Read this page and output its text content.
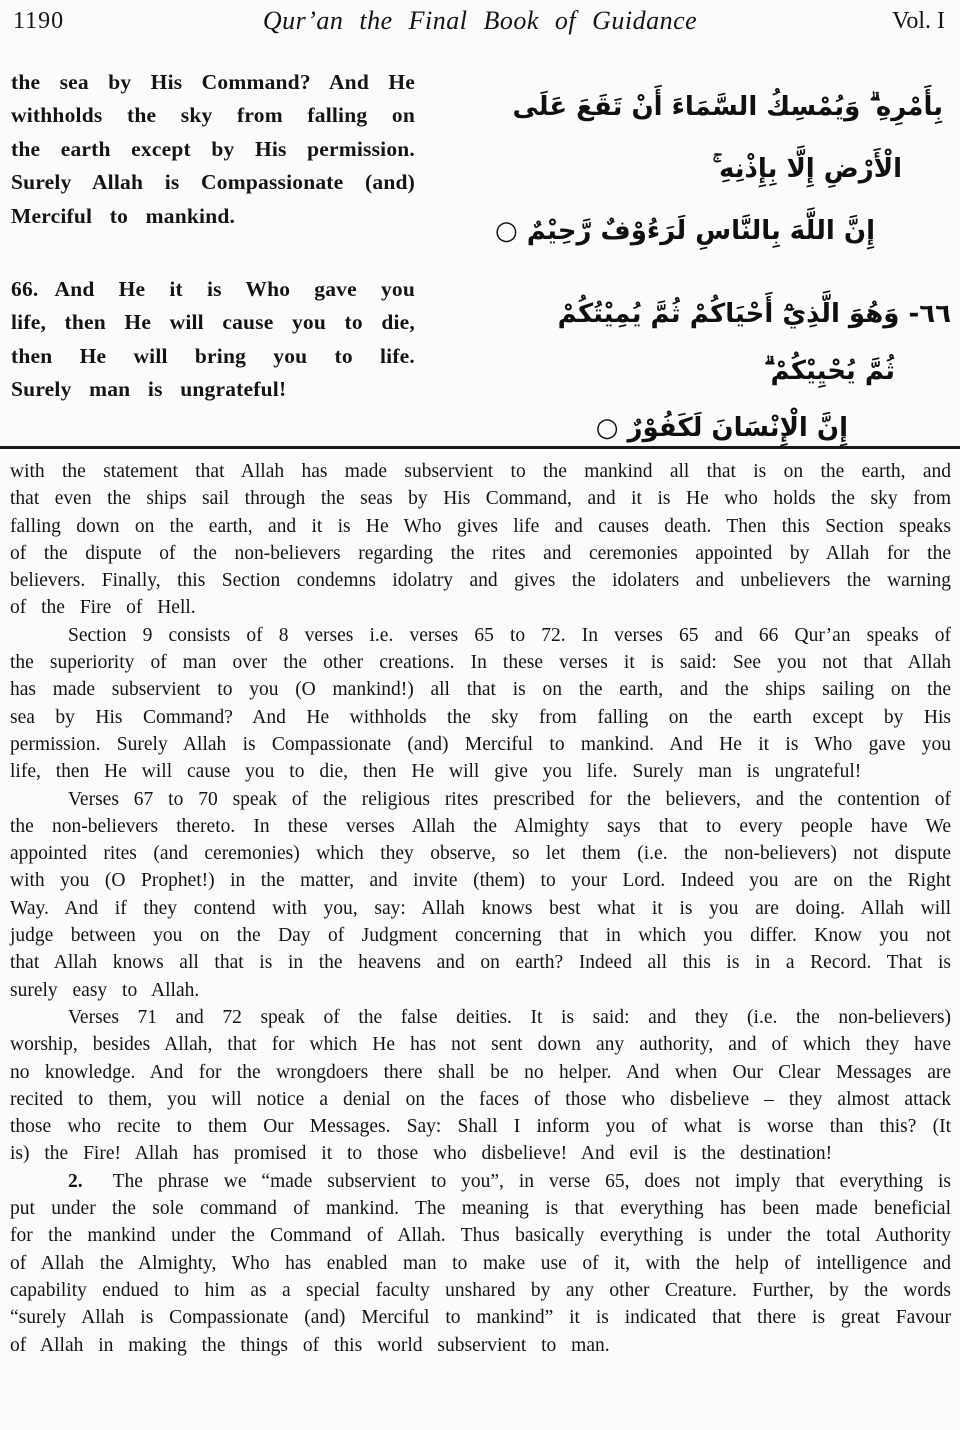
1190	Qur’an the Final Book of Guidance	Vol. I

the sea by His Command? And He withholds the sky from falling on the earth except by His permission. Surely Allah is Compassionate (and) Merciful to mankind.

66. And He it is Who gave you life, then He will cause you to die, then He will bring you to life. Surely man is ungrateful!

بِأَمْرِهِ ۗ وَيُمْسِكُ السَّمَاءَ أَنْ تَقَعَ عَلَى
الْأَرْضِ إِلَّا بِإِذْنِهِ ۚ
إِنَّ اللَّهَ بِالنَّاسِ لَرَءُوْفٌ رَّحِيْمٌ ○
٦٦- وَهُوَ الَّذِيْٓ أَحْيَاكُمْ ثُمَّ يُمِيْتُكُمْ
ثُمَّ يُحْيِيْكُمْ ۗ
إِنَّ الْإِنْسَانَ لَكَفُوْرٌ ○

with the statement that Allah has made subservient to the mankind all that is on the earth, and that even the ships sail through the seas by His Command, and it is He who holds the sky from falling down on the earth, and it is He Who gives life and causes death. Then this Section speaks of the dispute of the non-believers regarding the rites and ceremonies appointed by Allah for the believers. Finally, this Section condemns idolatry and gives the idolaters and unbelievers the warning of the Fire of Hell.

Section 9 consists of 8 verses i.e. verses 65 to 72. In verses 65 and 66 Qur’an speaks of the superiority of man over the other creations. In these verses it is said: See you not that Allah has made subservient to you (O mankind!) all that is on the earth, and the ships sailing on the sea by His Command? And He withholds the sky from falling on the earth except by His permission. Surely Allah is Compassionate (and) Merciful to mankind. And He it is Who gave you life, then He will cause you to die, then He will give you life. Surely man is ungrateful!

Verses 67 to 70 speak of the religious rites prescribed for the believers, and the contention of the non-believers thereto. In these verses Allah the Almighty says that to every people have We appointed rites (and ceremonies) which they observe, so let them (i.e. the non-believers) not dispute with you (O Prophet!) in the matter, and invite (them) to your Lord. Indeed you are on the Right Way. And if they contend with you, say: Allah knows best what it is you are doing. Allah will judge between you on the Day of Judgment concerning that in which you differ. Know you not that Allah knows all that is in the heavens and on earth? Indeed all this is in a Record. That is surely easy to Allah.

Verses 71 and 72 speak of the false deities. It is said: and they (i.e. the non-believers) worship, besides Allah, that for which He has not sent down any authority, and of which they have no knowledge. And for the wrongdoers there shall be no helper. And when Our Clear Messages are recited to them, you will notice a denial on the faces of those who disbelieve – they almost attack those who recite to them Our Messages. Say: Shall I inform you of what is worse than this? (It is) the Fire! Allah has promised it to those who disbelieve! And evil is the destination!

2. The phrase we “made subservient to you”, in verse 65, does not imply that everything is put under the sole command of mankind. The meaning is that everything has been made beneficial for the mankind under the Command of Allah. Thus basically everything is under the total Authority of Allah the Almighty, Who has enabled man to make use of it, with the help of intelligence and capability endued to him as a special faculty unshared by any other Creature. Further, by the words “surely Allah is Compassionate (and) Merciful to mankind” it is indicated that there is great Favour of Allah in making the things of this world subservient to man.
